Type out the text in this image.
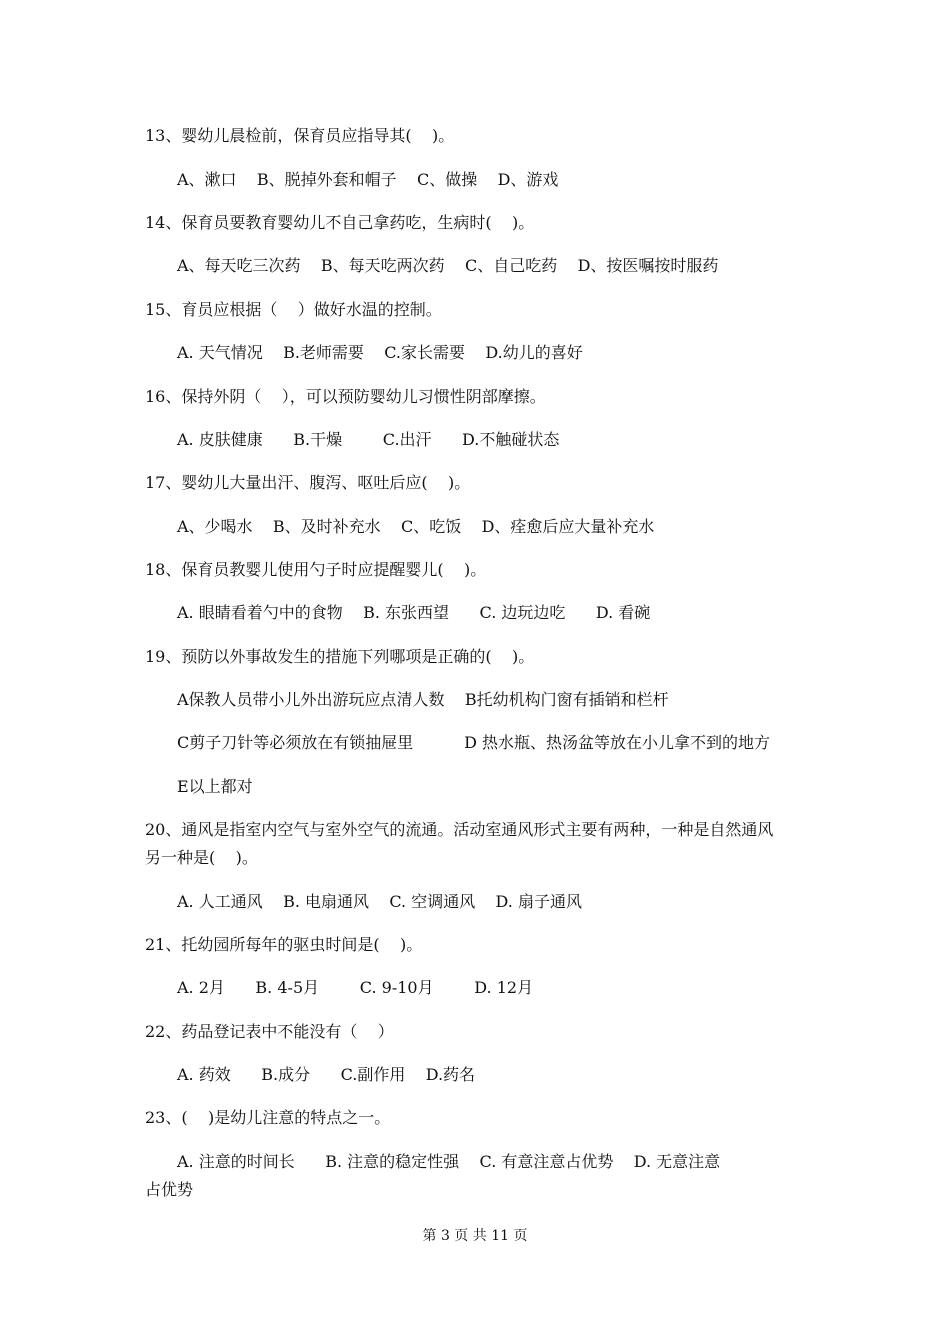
13、婴幼儿晨检前，保育员应指导其(    )。
A、漱口    B、脱掉外套和帽子    C、做操    D、游戏
14、保育员要教育婴幼儿不自己拿药吃，生病时(    )。
A、每天吃三次药    B、每天吃两次药    C、自己吃药    D、按医嘱按时服药
15、育员应根据（    ）做好水温的控制。
A. 天气情况    B.老师需要    C.家长需要    D.幼儿的喜好
16、保持外阴（    ），可以预防婴幼儿习惯性阴部摩擦。
A. 皮肤健康      B.干燥        C.出汗      D.不触碰状态
17、婴幼儿大量出汗、腹泻、呕吐后应(    )。
A、少喝水    B、及时补充水    C、吃饭    D、痊愈后应大量补充水
18、保育员教婴儿使用勺子时应提醒婴儿(    )。
A. 眼睛看着勺中的食物    B. 东张西望      C. 边玩边吃      D. 看碗
19、预防以外事故发生的措施下列哪项是正确的(    )。
A保教人员带小儿外出游玩应点清人数    B托幼机构门窗有插销和栏杆
C剪子刀针等必须放在有锁抽屉里          D 热水瓶、热汤盆等放在小儿拿不到的地方
E以上都对
20、通风是指室内空气与室外空气的流通。活动室通风形式主要有两种，一种是自然通风
另一种是(    )。
A. 人工通风    B. 电扇通风    C. 空调通风    D. 扇子通风
21、托幼园所每年的驱虫时间是(    )。
A. 2月      B. 4-5月        C. 9-10月        D. 12月
22、药品登记表中不能没有（    ）
A. 药效      B.成分      C.副作用    D.药名
23、(    )是幼儿注意的特点之一。
A. 注意的时间长      B. 注意的稳定性强    C. 有意注意占优势    D. 无意注意
占优势
第 3 页 共 11 页
